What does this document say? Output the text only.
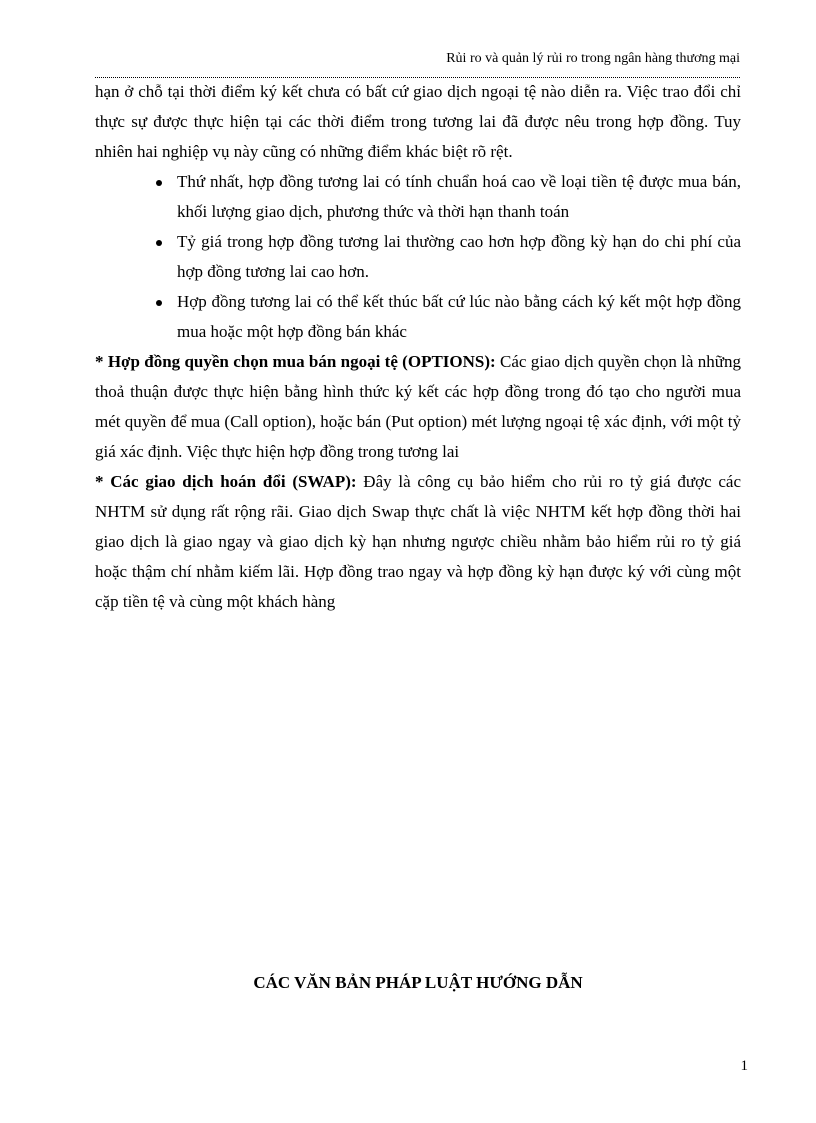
Rủi ro và quản lý rủi ro trong ngân hàng thương mại

hạn ở chỗ tại thời điểm ký kết chưa có bất cứ giao dịch ngoại tệ nào diễn ra. Việc trao đổi chỉ thực sự được thực hiện tại các thời điểm trong tương lai đã được nêu trong hợp đồng. Tuy nhiên hai nghiệp vụ này cũng có những điểm khác biệt rõ rệt.

Thứ nhất, hợp đồng tương lai có tính chuẩn hoá cao về loại tiền tệ được mua bán, khối lượng giao dịch, phương thức và thời hạn thanh toán
Tỷ giá trong hợp đồng tương lai thường cao hơn hợp đồng kỳ hạn do chi phí của hợp đồng tương lai cao hơn.
Hợp đồng tương lai có thể kết thúc bất cứ lúc nào bằng cách ký kết một hợp đồng mua hoặc một hợp đồng bán khác

* Hợp đồng quyền chọn mua bán ngoại tệ (OPTIONS): Các giao dịch quyền chọn là những thoả thuận được thực hiện bằng hình thức ký kết các hợp đồng trong đó tạo cho người mua mét quyền để mua (Call option), hoặc bán (Put option) mét lượng ngoại tệ xác định, với một tỷ giá xác định. Việc thực hiện hợp đồng trong tương lai

* Các giao dịch hoán đổi (SWAP): Đây là công cụ bảo hiểm cho rủi ro tỷ giá được các NHTM sử dụng rất rộng rãi. Giao dịch Swap thực chất là việc NHTM kết hợp đồng thời hai giao dịch là giao ngay và giao dịch kỳ hạn nhưng ngược chiều nhằm bảo hiểm rủi ro tỷ giá hoặc thậm chí nhằm kiếm lãi. Hợp đồng trao ngay và hợp đồng kỳ hạn được ký với cùng một cặp tiền tệ và cùng một khách hàng

CÁC VĂN BẢN PHÁP LUẬT HƯỚNG DẪN
1
